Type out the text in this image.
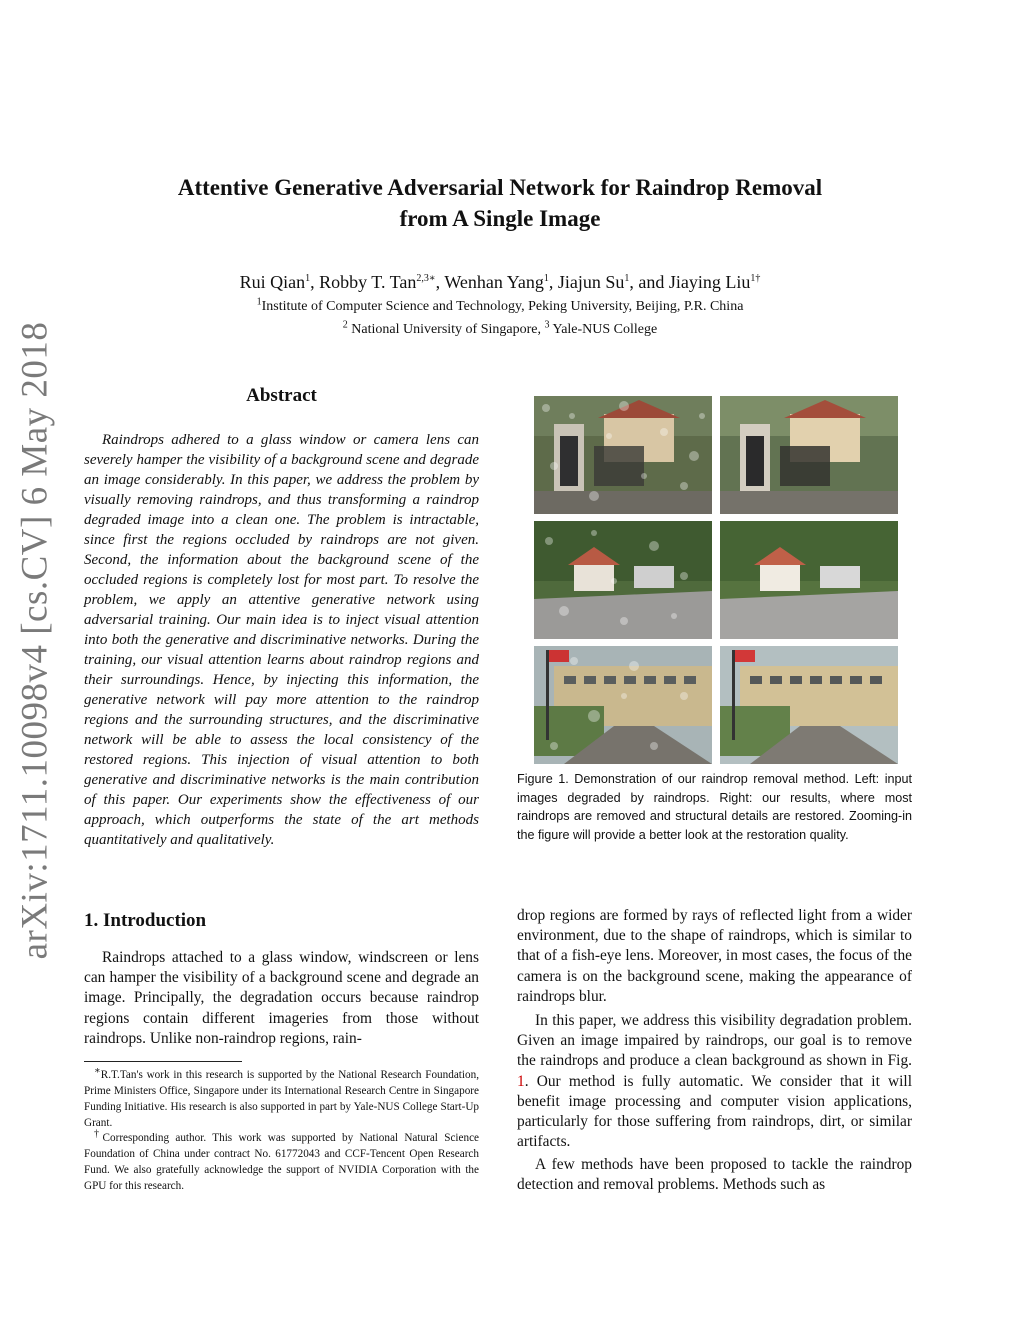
arXiv:1711.10098v4 [cs.CV] 6 May 2018
Attentive Generative Adversarial Network for Raindrop Removal
from A Single Image
Rui Qian$^1$, Robby T. Tan$^{2,3∗}$, Wenhan Yang$^1$, Jiajun Su$^1$, and Jiaying Liu$^{1\dagger}$
$^1$Institute of Computer Science and Technology, Peking University, Beijing, P.R. China
$^2$ National University of Singapore, $^3$ Yale-NUS College
Abstract

Raindrops adhered to a glass window or camera lens can severely hamper the visibility of a background scene and degrade an image considerably. In this paper, we address the problem by visually removing raindrops, and thus transforming a raindrop degraded image into a clean one. The problem is intractable, since first the regions occluded by raindrops are not given. Second, the information about the background scene of the occluded regions is completely lost for most part. To resolve the problem, we apply an attentive generative network using adversarial training. Our main idea is to inject visual attention into both the generative and discriminative networks. During the training, our visual attention learns about raindrop regions and their surroundings. Hence, by injecting this information, the generative network will pay more attention to the raindrop regions and the surrounding structures, and the discriminative network will be able to assess the local consistency of the restored regions. This injection of visual attention to both generative and discriminative networks is the main contribution of this paper. Our experiments show the effectiveness of our approach, which outperforms the state of the art methods quantitatively and qualitatively.

Figure 1. Demonstration of our raindrop removal method. Left: input images degraded by raindrops. Right: our results, where most raindrops are removed and structural details are restored. Zooming-in the figure will provide a better look at the restoration quality.

1. Introduction

Raindrops attached to a glass window, windscreen or lens can hamper the visibility of a background scene and degrade an image. Principally, the degradation occurs because raindrop regions contain different imageries from those without raindrops. Unlike non-raindrop regions, rain-

∗R.T.Tan's work in this research is supported by the National Research Foundation, Prime Ministers Office, Singapore under its International Research Centre in Singapore Funding Initiative. His research is also supported in part by Yale-NUS College Start-Up Grant.

†Corresponding author. This work was supported by National Natural Science Foundation of China under contract No. 61772043 and CCF-Tencent Open Research Fund. We also gratefully acknowledge the support of NVIDIA Corporation with the GPU for this research.

drop regions are formed by rays of reflected light from a wider environment, due to the shape of raindrops, which is similar to that of a fish-eye lens. Moreover, in most cases, the focus of the camera is on the background scene, making the appearance of raindrops blur.

In this paper, we address this visibility degradation problem. Given an image impaired by raindrops, our goal is to remove the raindrops and produce a clean background as shown in Fig. 1. Our method is fully automatic. We consider that it will benefit image processing and computer vision applications, particularly for those suffering from raindrops, dirt, or similar artifacts.

A few methods have been proposed to tackle the raindrop detection and removal problems. Methods such as
